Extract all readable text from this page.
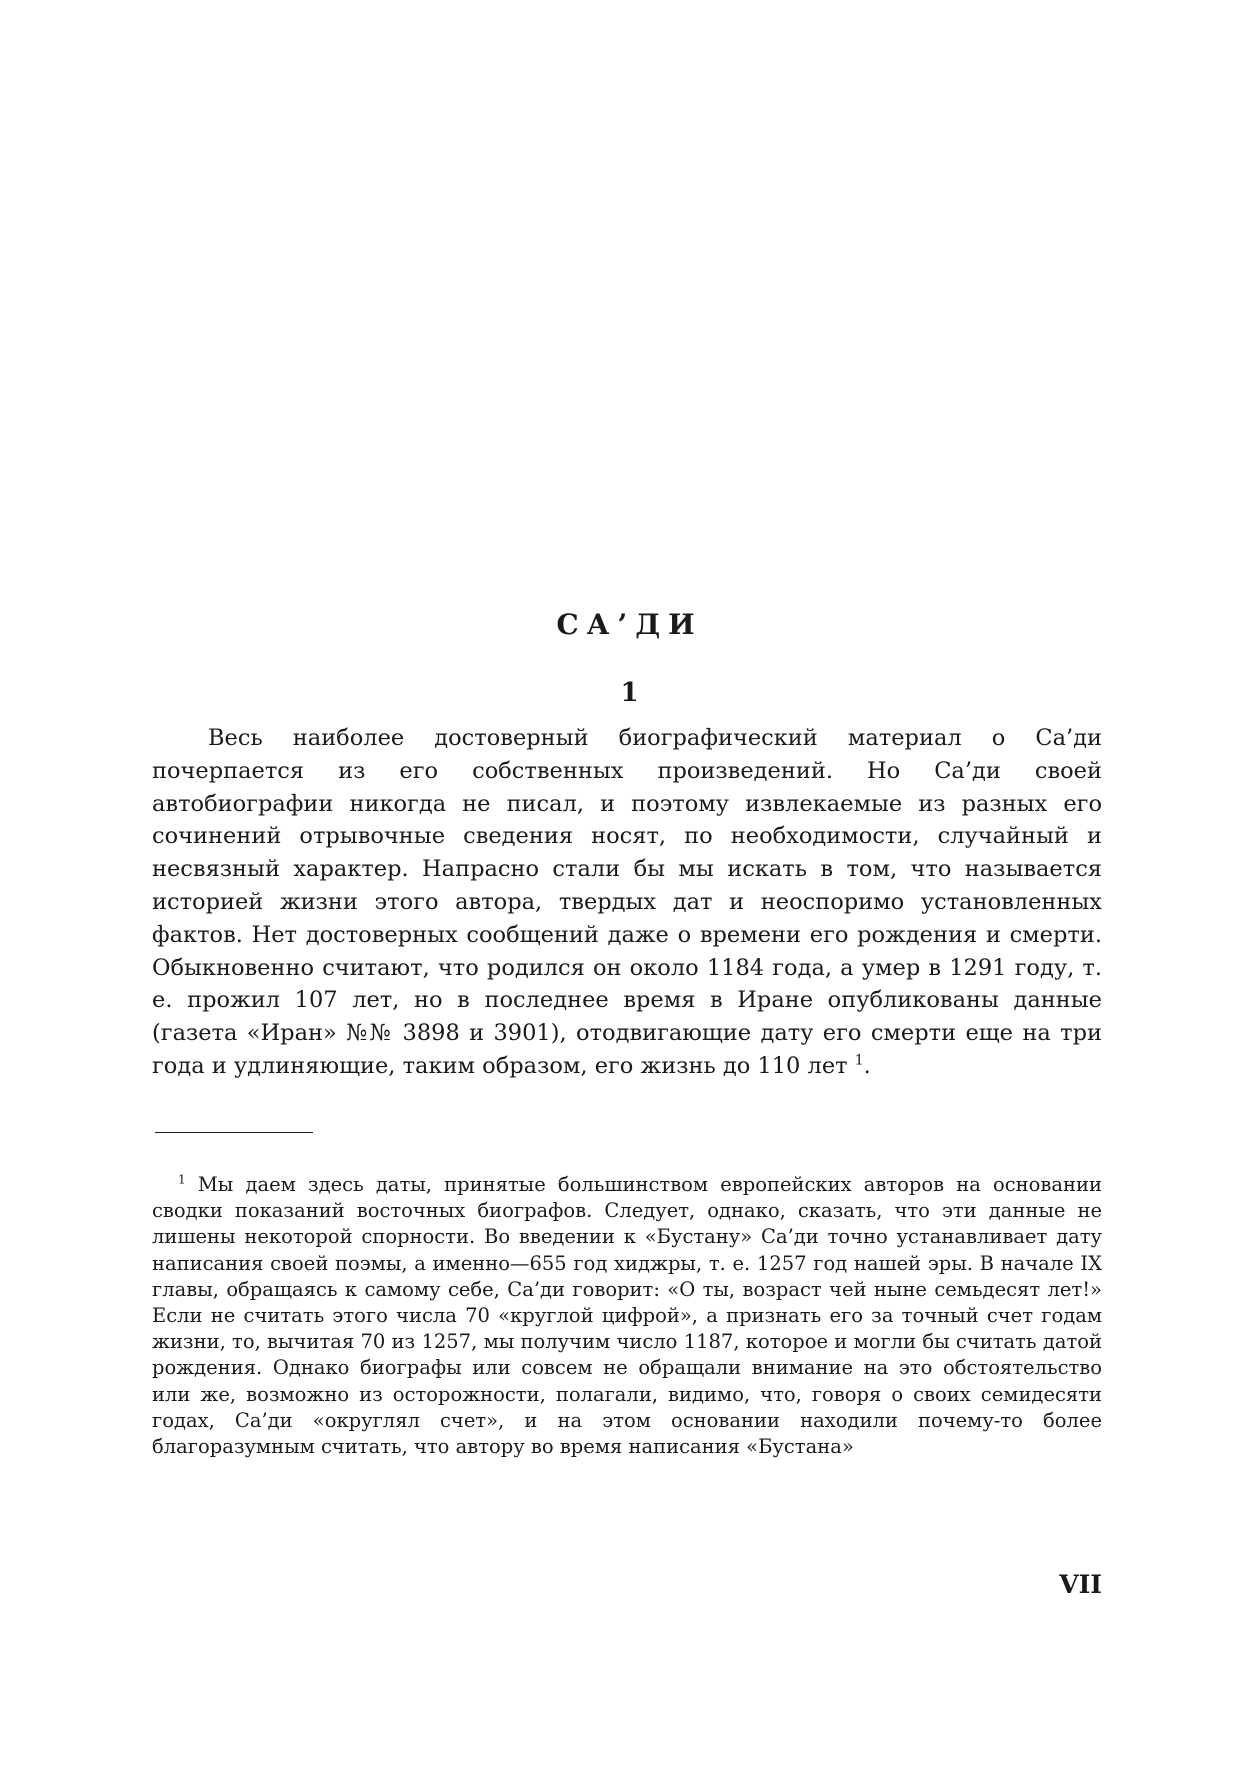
СА’ДИ
1

Весь наиболее достоверный биографический материал о Са’ди почерпается из его собственных произведений. Но Са’ди своей автобиографии никогда не писал, и поэтому извлекаемые из разных его сочинений отрывочные сведения носят, по необходимости, случайный и несвязный характер. Напрасно стали бы мы искать в том, что называется историей жизни этого автора, твердых дат и неоспоримо установленных фактов. Нет достоверных сообщений даже о времени его рождения и смерти. Обыкновенно считают, что родился он около 1184 года, а умер в 1291 году, т. е. прожил 107 лет, но в последнее время в Иране опубликованы данные (газета «Иран» №№ 3898 и 3901), отодвигающие дату его смерти еще на три года и удлиняющие, таким образом, его жизнь до 110 лет $^1$.

$^1$ Мы даем здесь даты, принятые большинством европейских авторов на основании сводки показаний восточных биографов. Следует, однако, сказать, что эти данные не лишены некоторой спорности. Во введении к «Бустану» Са’ди точно устанавливает дату написания своей поэмы, а именно—655 год хиджры, т. е. 1257 год нашей эры. В начале IX главы, обращаясь к самому себе, Са’ди говорит: «О ты, возраст чей ныне семьдесят лет!» Если не считать этого числа 70 «круглой цифрой», а признать его за точный счет годам жизни, то, вычитая 70 из 1257, мы получим число 1187, которое и могли бы считать датой рождения. Однако биографы или совсем не обращали внимание на это обстоятельство или же, возможно из осторожности, полагали, видимо, что, говоря о своих семидесяти годах, Са’ди «округлял счет», и на этом основании находили почему-то более благоразумным считать, что автору во время написания «Бустана»

VII
